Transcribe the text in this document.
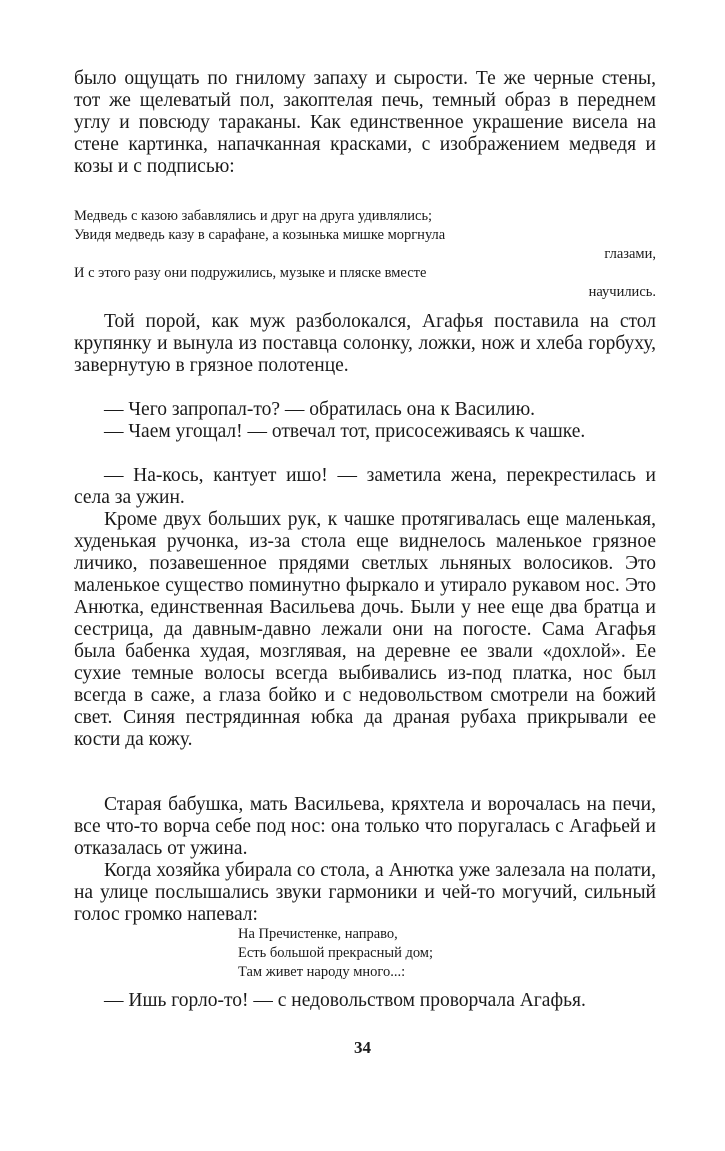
было ощущать по гнилому запаху и сырости. Те же черные стены, тот же щелеватый пол, закоптелая печь, темный образ в переднем углу и повсюду тараканы. Как единственное украшение висела на стене картинка, напачканная красками, с изображением медведя и козы и с подписью:

Медведь с казою забавлялись и друг на друга удивлялись;
Увидя медведь казу в сарафане, а козынька мишке моргнула
глазами,
И с этого разу они подружились, музыке и пляске вместе
научились.

Той порой, как муж разболокался, Агафья поставила на стол крупянку и вынула из поставца солонку, ложки, нож и хлеба горбуху, завернутую в грязное полотенце.

— Чего запропал-то? — обратилась она к Василию.

— Чаем угощал! — отвечал тот, присосеживаясь к чашке.

— На-кось, кантует ишо! — заметила жена, перекрестилась и села за ужин.

Кроме двух больших рук, к чашке протягивалась еще маленькая, худенькая ручонка, из-за стола еще виднелось маленькое грязное личико, позавешенное прядями светлых льняных волосиков. Это маленькое существо поминутно фыркало и утирало рукавом нос. Это Анютка, единственная Васильева дочь. Были у нее еще два братца и сестрица, да давным-давно лежали они на погосте. Сама Агафья была бабенка худая, мозглявая, на деревне ее звали «дохлой». Ее сухие темные волосы всегда выбивались из-под платка, нос был всегда в саже, а глаза бойко и с недовольством смотрели на божий свет. Синяя пестрядинная юбка да драная рубаха прикрывали ее кости да кожу.

Старая бабушка, мать Васильева, кряхтела и ворочалась на печи, все что-то ворча себе под нос: она только что поругалась с Агафьей и отказалась от ужина.

Когда хозяйка убирала со стола, а Анютка уже залезала на полати, на улице послышались звуки гармоники и чей-то могучий, сильный голос громко напевал:

На Пречистенке, направо,
Есть большой прекрасный дом;
Там живет народу много...:

— Ишь горло-то! — с недовольством проворчала Агафья.

34
